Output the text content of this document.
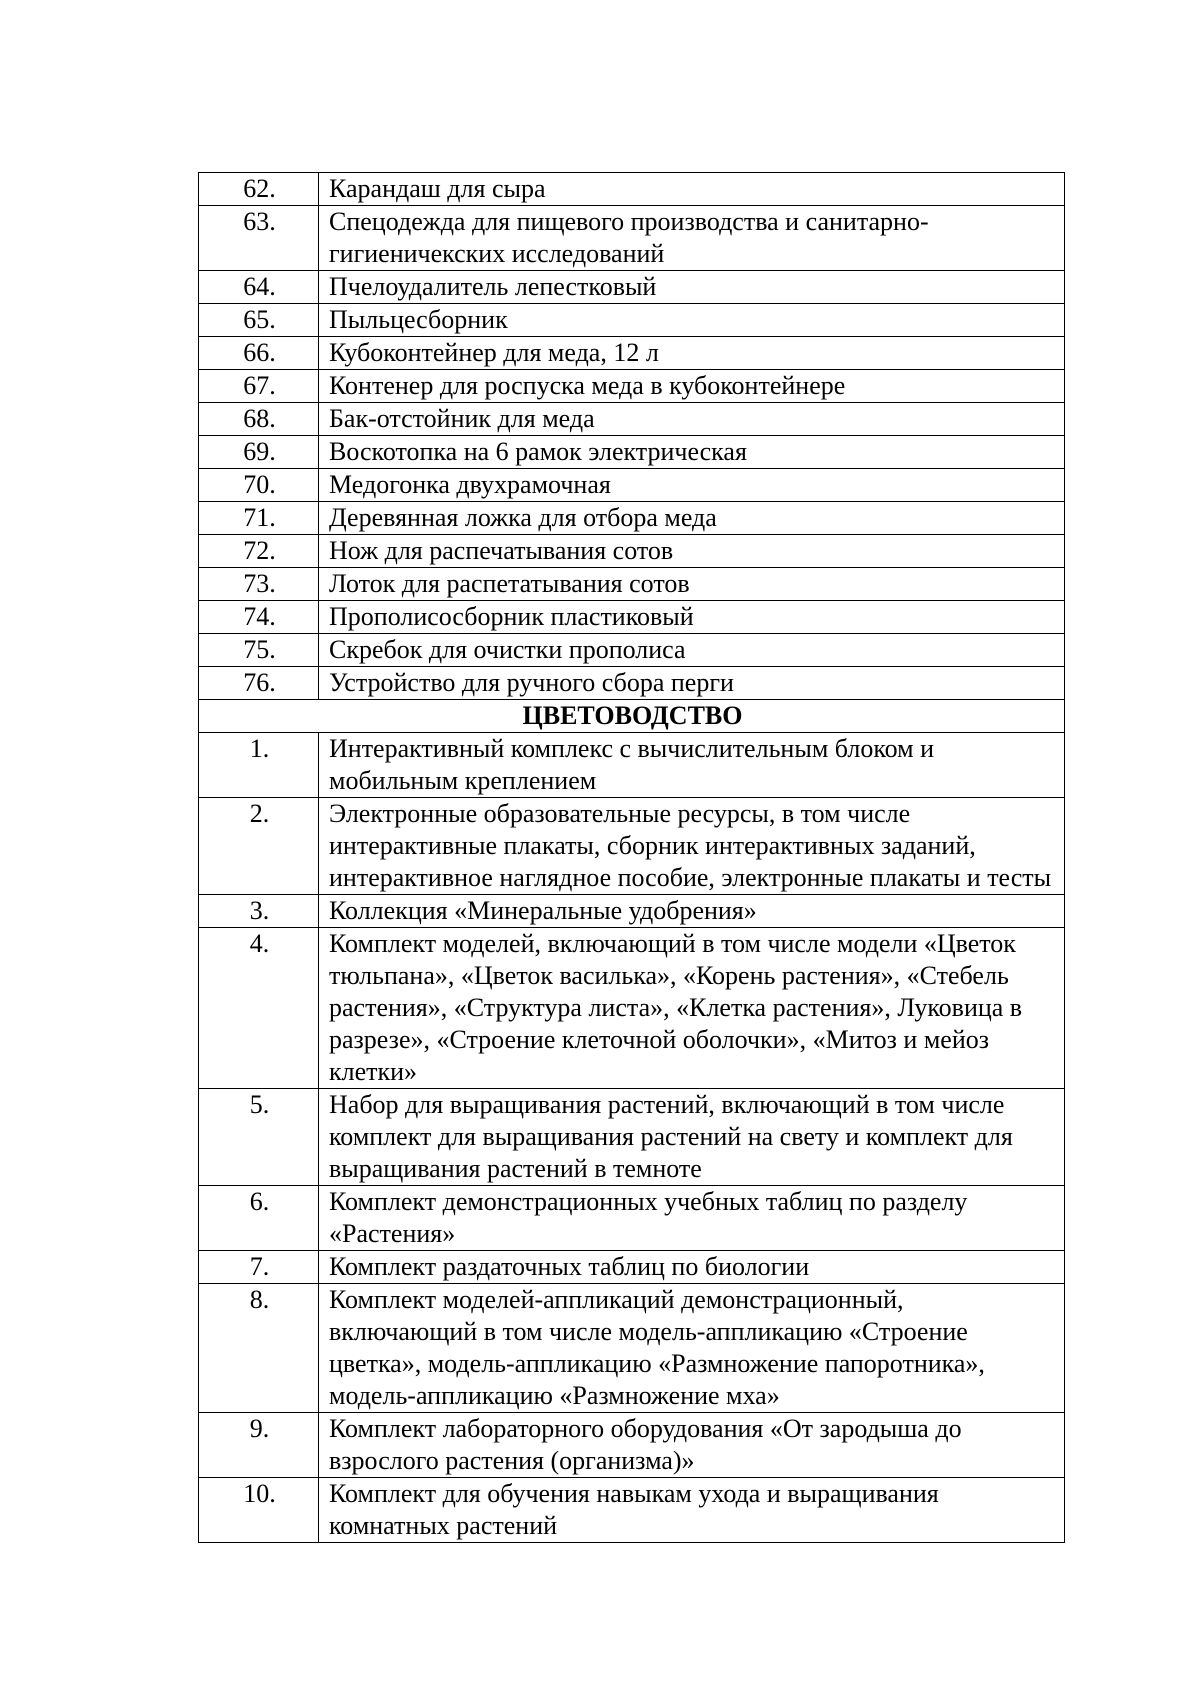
62.	Карандаш для сыра
63.	Спецодежда для пищевого производства и санитарно-гигиеничекских исследований
64.	Пчелоудалитель лепестковый
65.	Пыльцесборник
66.	Кубоконтейнер для меда, 12 л
67.	Контенер для роспуска меда в кубоконтейнере
68.	Бак-отстойник для меда
69.	Воскотопка на 6 рамок электрическая
70.	Медогонка двухрамочная
71.	Деревянная ложка для отбора меда
72.	Нож для распечатывания сотов
73.	Лоток для распетатывания сотов
74.	Прополисосборник пластиковый
75.	Скребок для очистки прополиса
76.	Устройство для ручного сбора перги
ЦВЕТОВОДСТВО	
1.	Интерактивный комплекс с вычислительным блоком и мобильным креплением
2.	Электронные образовательные ресурсы, в том числе интерактивные плакаты, сборник интерактивных заданий, интерактивное наглядное пособие, электронные плакаты и тесты
3.	Коллекция «Минеральные удобрения»
4.	Комплект моделей, включающий в том числе модели «Цветок тюльпана», «Цветок василька», «Корень растения», «Стебель растения», «Структура листа», «Клетка растения», Луковица в разрезе», «Строение клеточной оболочки», «Митоз и мейоз клетки»
5.	Набор для выращивания растений, включающий в том числе комплект для выращивания растений на свету и комплект для выращивания растений в темноте
6.	Комплект демонстрационных учебных таблиц по разделу «Растения»
7.	Комплект раздаточных таблиц по биологии
8.	Комплект моделей-аппликаций демонстрационный, включающий в том числе модель-аппликацию «Строение цветка», модель-аппликацию «Размножение папоротника», модель-аппликацию «Размножение мха»
9.	Комплект лабораторного оборудования «От зародыша до взрослого растения (организма)»
10.	Комплект для обучения навыкам ухода и выращивания комнатных растений
